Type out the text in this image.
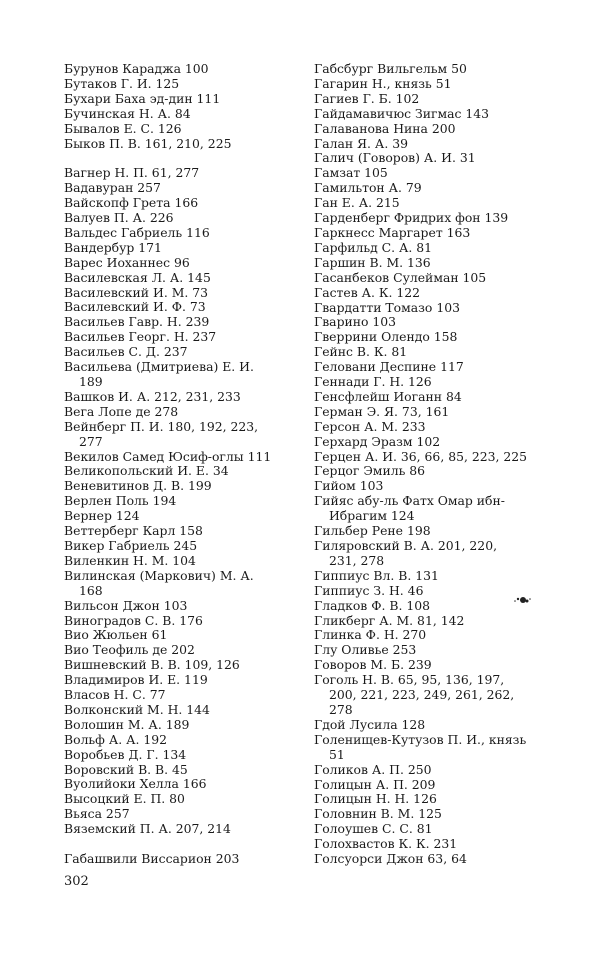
Бурунов Караджа 100
Бутаков Г. И. 125
Бухари Баха эд-дин 111
Бучинская Н. А. 84
Бывалов Е. С. 126
Быков П. В. 161, 210, 225
Вагнер Н. П. 61, 277
Вадавуран 257
Вайскопф Грета 166
Валуев П. А. 226
Вальдес Габриель 116
Вандербур 171
Варес Иоханнес 96
Василевская Л. А. 145
Василевский И. М. 73
Василевский И. Ф. 73
Васильев Гавр. Н. 239
Васильев Георг. Н. 237
Васильев С. Д. 237
Васильева (Дмитриева) Е. И.
189
Вашков И. А. 212, 231, 233
Вега Лопе де 278
Вейнберг П. И. 180, 192, 223,
277
Векилов Самед Юсиф-оглы 111
Великопольский И. Е. 34
Веневитинов Д. В. 199
Верлен Поль 194
Вернер 124
Веттерберг Карл 158
Викер Габриель 245
Виленкин Н. М. 104
Вилинская (Маркович) М. А.
168
Вильсон Джон 103
Виноградов С. В. 176
Вио Жюльен 61
Вио Теофиль де 202
Вишневский В. В. 109, 126
Владимиров И. Е. 119
Власов Н. С. 77
Волконский М. Н. 144
Волошин М. А. 189
Вольф А. А. 192
Воробьев Д. Г. 134
Воровский В. В. 45
Вуолийоки Хелла 166
Высоцкий Е. П. 80
Вьяса 257
Вяземский П. А. 207, 214
Габашвили Виссарион 203
Габсбург Вильгельм 50
Гагарин Н., князь 51
Гагиев Г. Б. 102
Гайдамавичюс Зигмас 143
Галаванова Нина 200
Галан Я. А. 39
Галич (Говоров) А. И. 31
Гамзат 105
Гамильтон А. 79
Ган Е. А. 215
Гарденберг Фридрих фон 139
Гаркнесс Маргарет 163
Гарфильд С. А. 81
Гаршин В. М. 136
Гасанбеков Сулейман 105
Гастев А. К. 122
Гвардатти Томазо 103
Гварино 103
Гверрини Олендо 158
Гейнс В. К. 81
Геловани Деспине 117
Геннади Г. Н. 126
Генсфлейш Иоганн 84
Герман Э. Я. 73, 161
Герсон А. М. 233
Герхард Эразм 102
Герцен А. И. 36, 66, 85, 223, 225
Герцог Эмиль 86
Гийом 103
Гийяс абу-ль Фатх Омар ибн-
Ибрагим 124
Гильбер Рене 198
Гиляровский В. А. 201, 220,
231, 278
Гиппиус Вл. В. 131
Гиппиус З. Н. 46
Гладков Ф. В. 108
Гликберг А. М. 81, 142
Глинка Ф. Н. 270
Глу Оливье 253
Говоров М. Б. 239
Гоголь Н. В. 65, 95, 136, 197,
200, 221, 223, 249, 261, 262,
278
Гдой Лусила 128
Голенищев-Кутузов П. И., князь
51
Голиков А. П. 250
Голицын А. П. 209
Голицын Н. Н. 126
Головнин В. М. 125
Голоушев С. С. 81
Голохвастов К. К. 231
Голсуорси Джон 63, 64
302
